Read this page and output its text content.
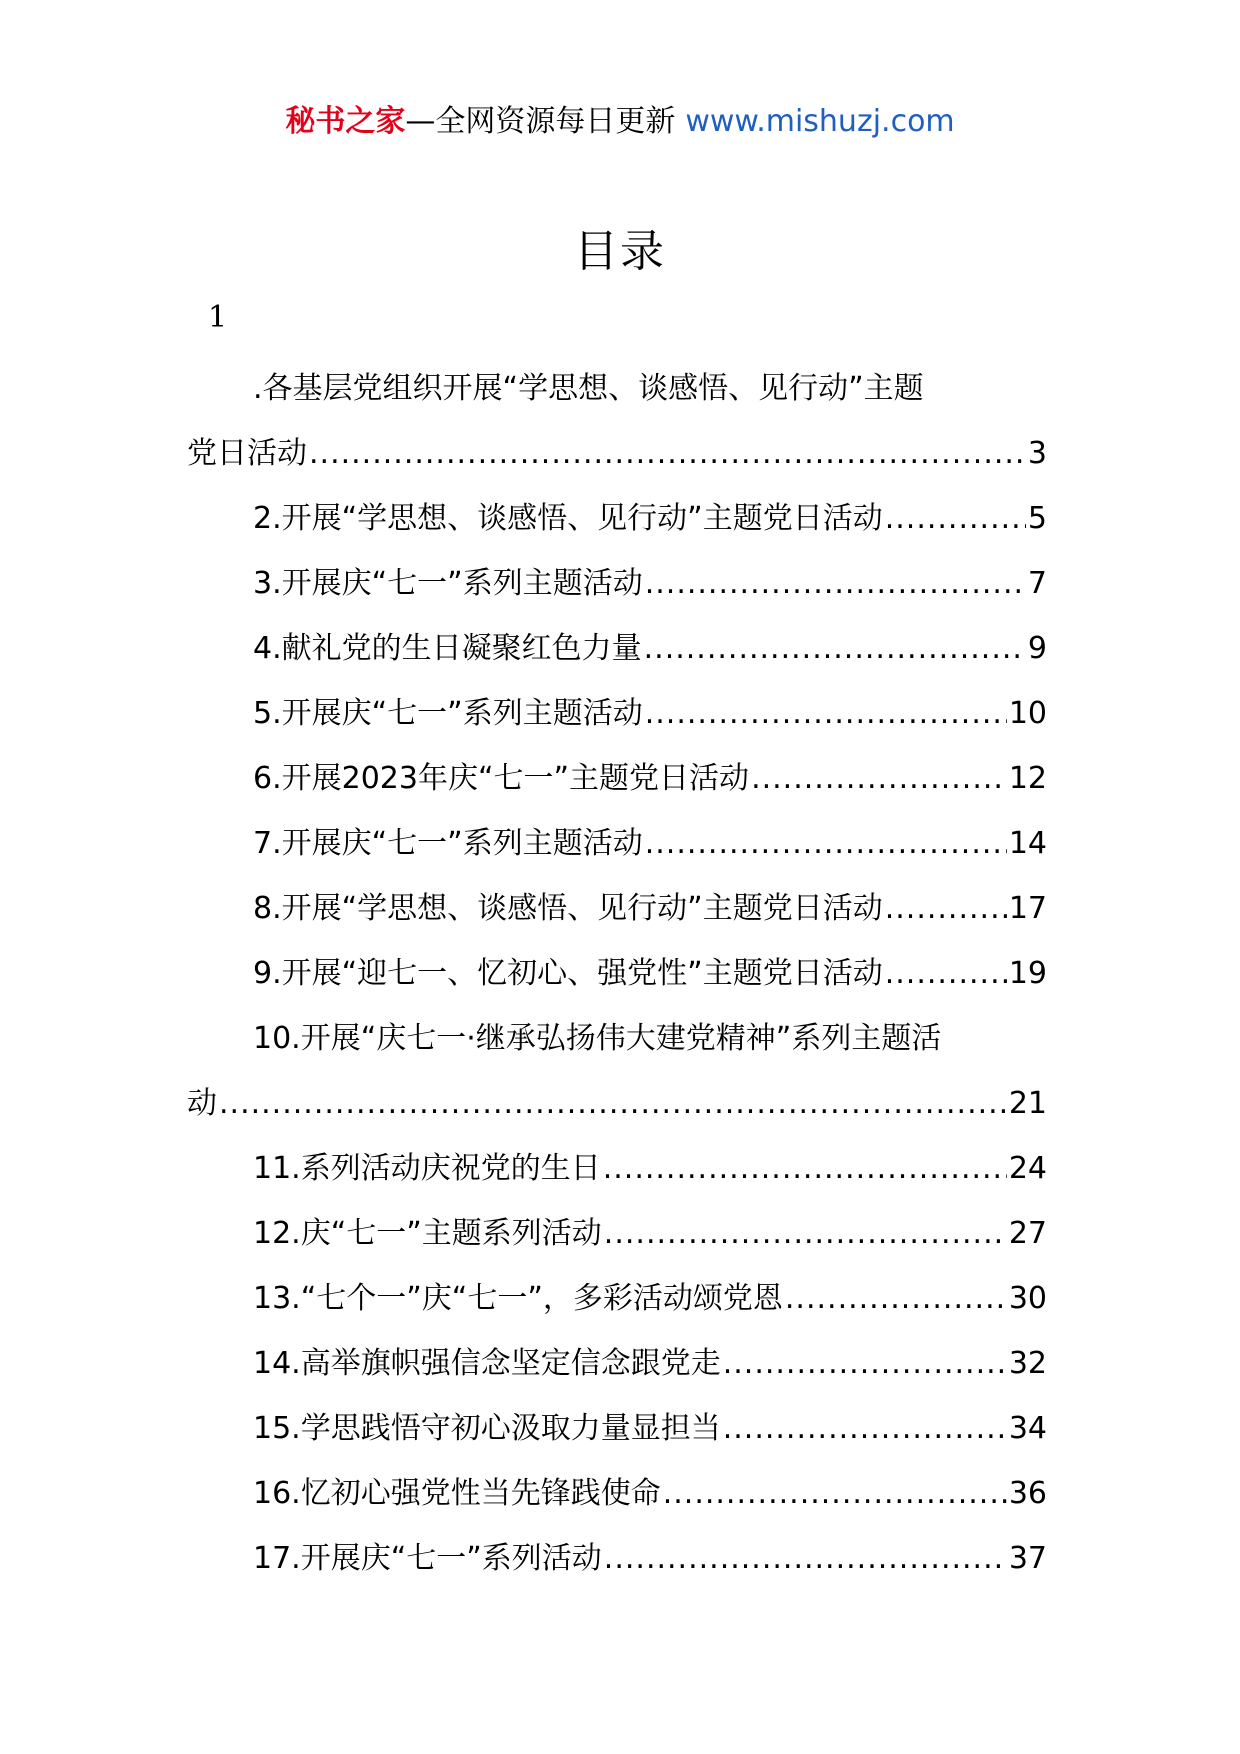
秘书之家—全网资源每日更新 www.mishuzj.com
目录
1
.各基层党组织开展“学思想、谈感悟、见行动”主题
党日活动 .....	3
2.开展“学思想、谈感悟、见行动”主题党日活动 .....	5
3.开展庆“七一”系列主题活动 .....	7
4.献礼党的生日凝聚红色力量 .....	9
5.开展庆“七一”系列主题活动 .....	10
6.开展2023年庆“七一”主题党日活动 .....	12
7.开展庆“七一”系列主题活动 .....	14
8.开展“学思想、谈感悟、见行动”主题党日活动 .....	17
9.开展“迎七一、忆初心、强党性”主题党日活动 .....	19
10.开展“庆七一·继承弘扬伟大建党精神”系列主题活
动 .....	21
11.系列活动庆祝党的生日 .....	24
12.庆“七一”主题系列活动 .....	27
13.“七个一”庆“七一”，多彩活动颂党恩 .....	30
14.高举旗帜强信念坚定信念跟党走 .....	32
15.学思践悟守初心汲取力量显担当 .....	34
16.忆初心强党性当先锋践使命 .....	36
17.开展庆“七一”系列活动 .....	37
